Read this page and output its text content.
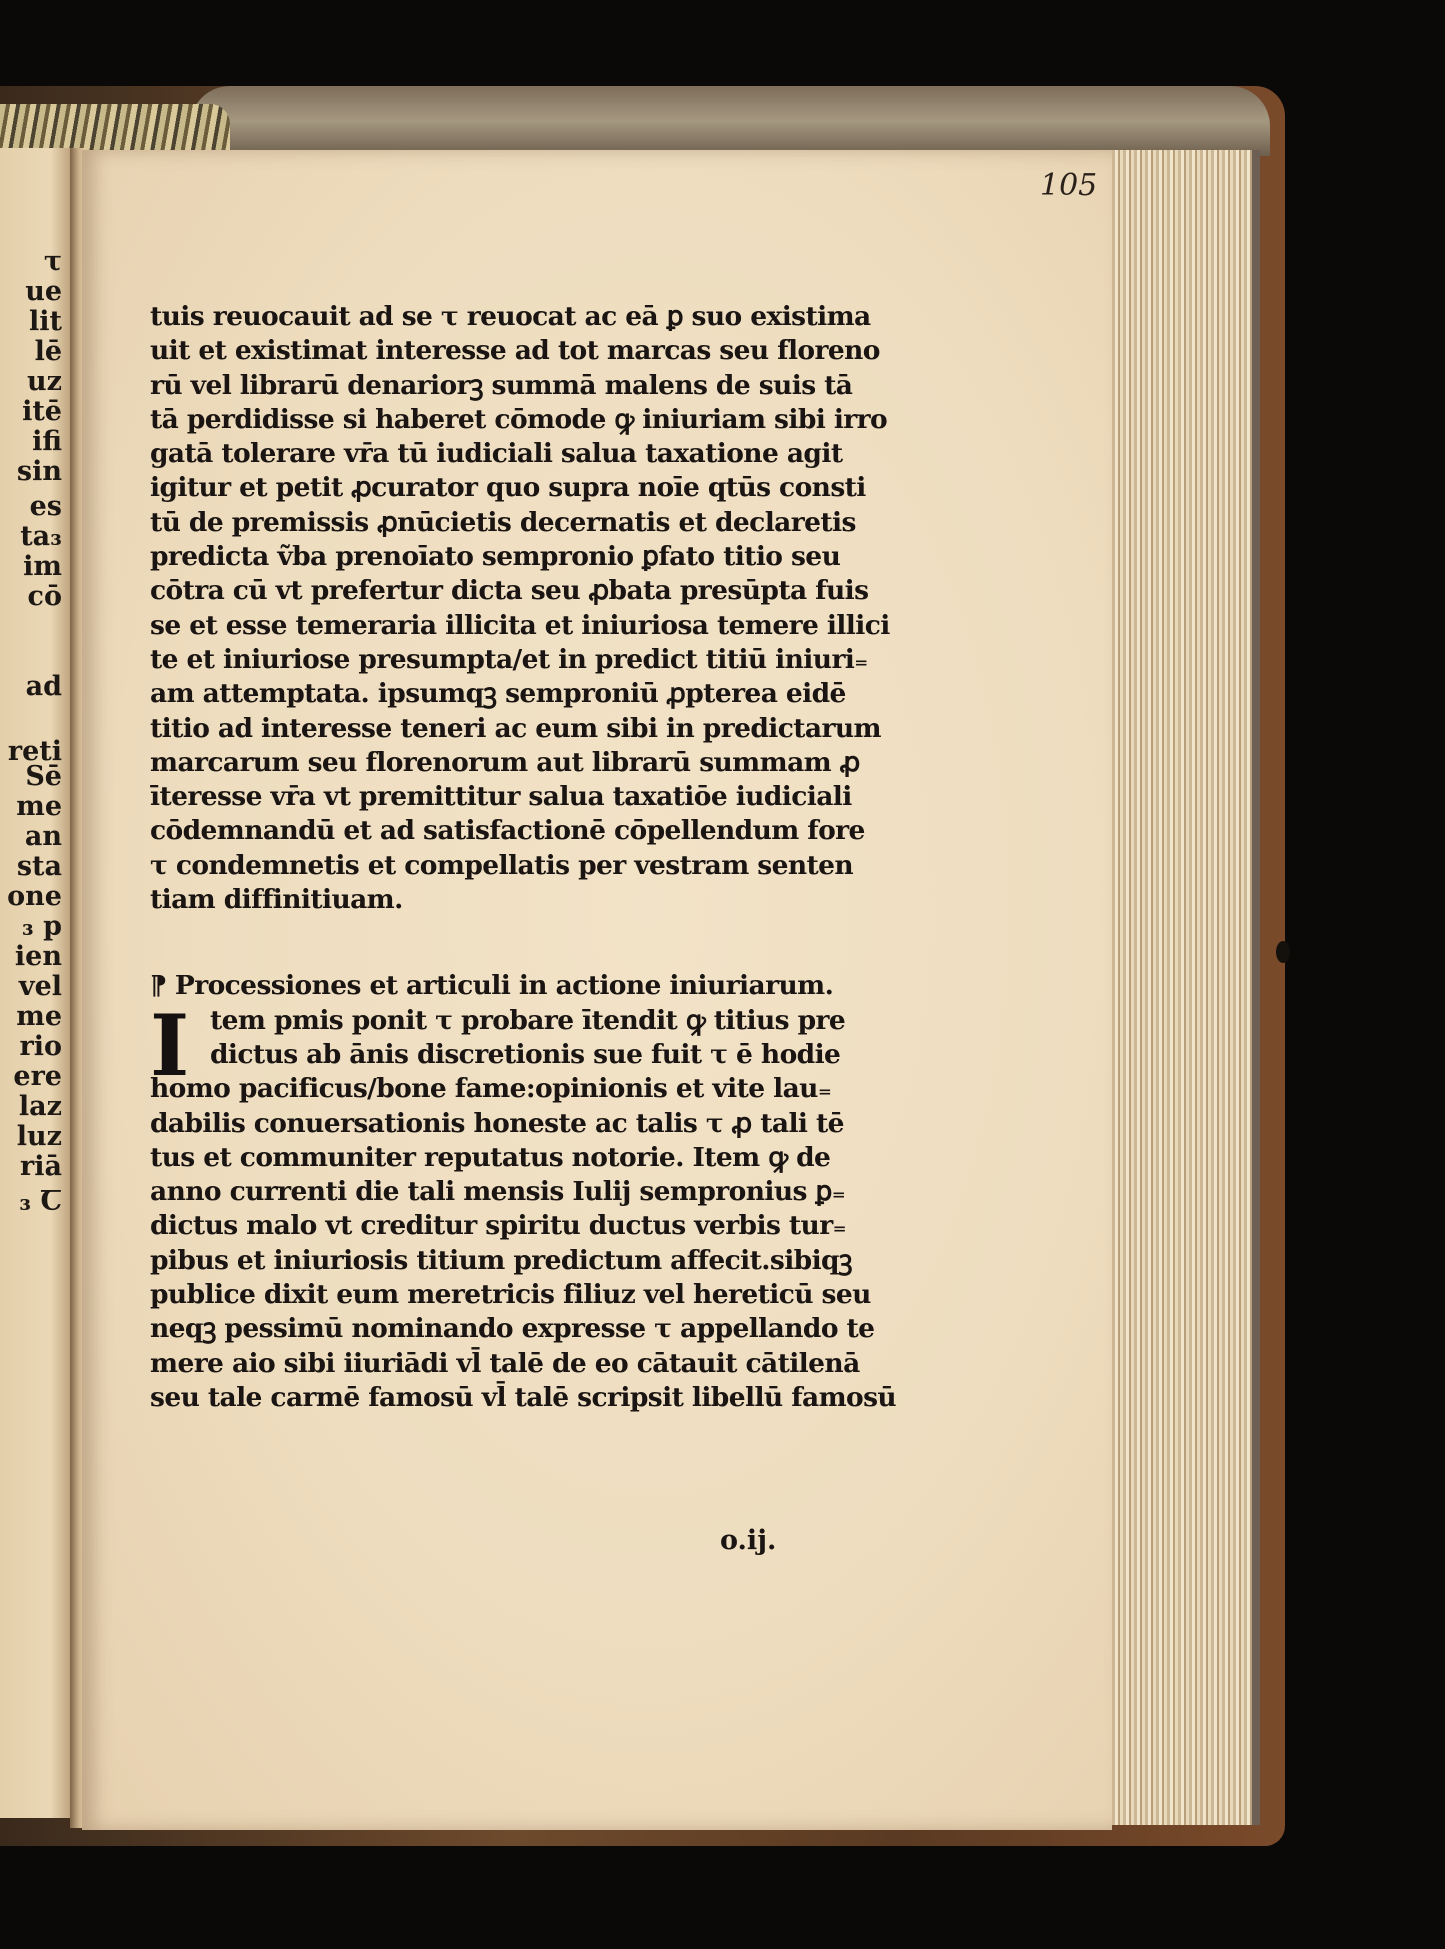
τ
ue
lit
lē
uz
itē
ifi
sin
es
ta₃
im
cō
ad
reti
Sē
me
an
sta
one
₃ p
ien
vel
me
rio
ere
laz
luz
riā
₃ Ꞇ
105
tuis reuocauit ad se τ reuocat ac eā ꝑ suo existima
uit et existimat interesse ad tot marcas seu floreno
rū vel librarū denariorꝫ summā malens de suis tā
tā perdidisse si haberet cōmode ꝙ iniuriam sibi irro
gatā tolerare vr̄a tū iudiciali salua taxatione agit
igitur et petit ꝓcurator quo supra noīe qtūs consti
tū de premissis ꝓnūcietis decernatis et declaretis
predicta ṽba prenoīato sempronio ꝑfato titio seu
cōtra cū vt prefertur dicta seu ꝓbata presūpta fuis
se et esse temeraria illicita et iniuriosa temere illici
te et iniuriose presumpta/et in predict titiū iniuri₌
am attemptata. ipsumqꝫ semproniū ꝓpterea eidē
titio ad interesse teneri ac eum sibi in predictarum
marcarum seu florenorum aut librarū summam ꝓ
īteresse vr̄a vt premittitur salua taxatiōe iudiciali
cōdemnandū et ad satisfactionē cōpellendum fore
τ condemnetis et compellatis per vestram senten
tiam diffinitiuam.
⁋ Processiones et articuli in actione iniuriarum.
I tem pmis ponit τ probare ītendit ꝙ titius pre
dictus ab ānis discretionis sue fuit τ ē hodie
homo pacificus/bone fame:opinionis et vite lau₌
dabilis conuersationis honeste ac talis τ ꝓ tali tē
tus et communiter reputatus notorie. Item ꝙ de
anno currenti die tali mensis Iulij sempronius ꝑ₌
dictus malo vt creditur spiritu ductus verbis tur₌
pibus et iniuriosis titium predictum affecit.sibiqꝫ
publice dixit eum meretricis filiuz vel hereticū seu
neqꝫ pessimū nominando expresse τ appellando te
mere aio sibi iiuriādi vl̄ talē de eo cātauit cātilenā
seu tale carmē famosū vl̄ talē scripsit libellū famosū
o.ij.
